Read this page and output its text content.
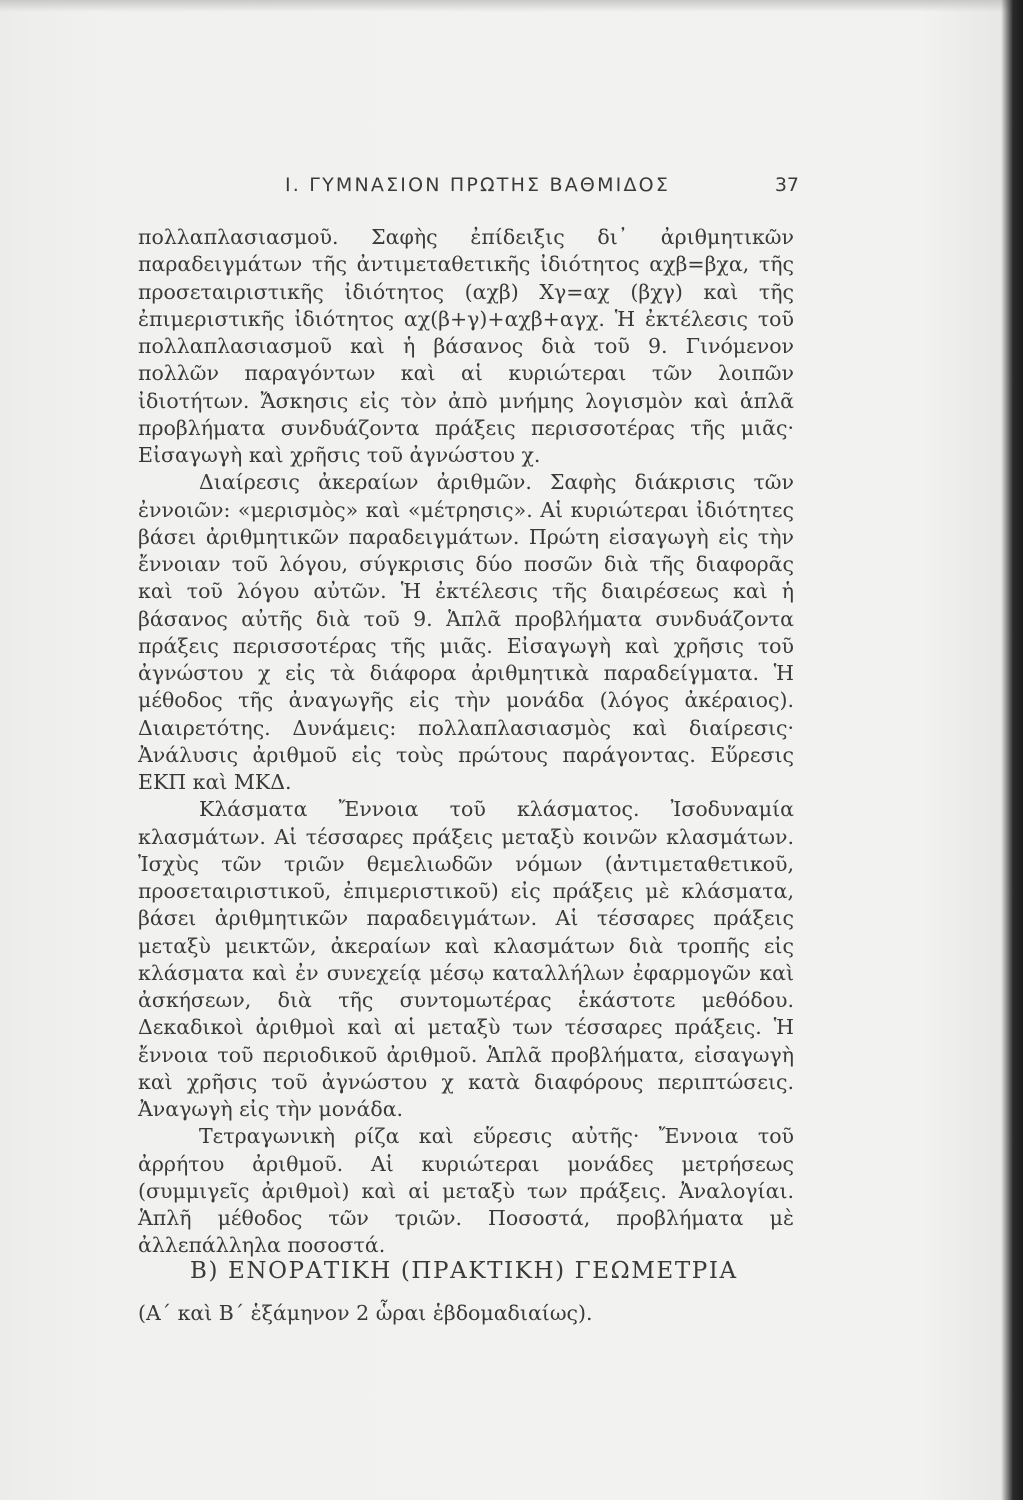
Ι. ΓΥΜΝΑΣΙΟΝ ΠΡΩΤΗΣ ΒΑΘΜΙΔΟΣ	37

πολλαπλασιασμοῦ. Σαφὴς ἐπίδειξις δι᾽ ἀριθμητικῶν παραδειγμάτων τῆς ἀντιμεταθετικῆς ἰδιότητος αχβ=βχα, τῆς προσεταιριστικῆς ἰδιότητος (αχβ) Χγ=αχ (βχγ) καὶ τῆς ἐπιμεριστικῆς ἰδιότητος αχ(β+γ)+αχβ+αγχ. Ἡ ἐκτέλεσις τοῦ πολλαπλασιασμοῦ καὶ ἡ βάσανος διὰ τοῦ 9. Γινόμενον πολλῶν παραγόντων καὶ αἱ κυριώτεραι τῶν λοιπῶν ἰδιοτήτων. Ἄσκησις εἰς τὸν ἀπὸ μνήμης λογισμὸν καὶ ἁπλᾶ προβλήματα συνδυάζοντα πράξεις περισσοτέρας τῆς μιᾶς· Εἰσαγωγὴ καὶ χρῆσις τοῦ ἀγνώστου χ.

Διαίρεσις ἀκεραίων ἀριθμῶν. Σαφὴς διάκρισις τῶν ἐννοιῶν: «μερισμὸς» καὶ «μέτρησις». Αἱ κυριώτεραι ἰδιότητες βάσει ἀριθμητικῶν παραδειγμάτων. Πρώτη εἰσαγωγὴ εἰς τὴν ἔννοιαν τοῦ λόγου, σύγκρισις δύο ποσῶν διὰ τῆς διαφορᾶς καὶ τοῦ λόγου αὐτῶν. Ἡ ἐκτέλεσις τῆς διαιρέσεως καὶ ἡ βάσανος αὐτῆς διὰ τοῦ 9. Ἁπλᾶ προβλήματα συνδυάζοντα πράξεις περισσοτέρας τῆς μιᾶς. Εἰσαγωγὴ καὶ χρῆσις τοῦ ἀγνώστου χ εἰς τὰ διάφορα ἀριθμητικὰ παραδείγματα. Ἡ μέθοδος τῆς ἀναγωγῆς εἰς τὴν μονάδα (λόγος ἀκέραιος). Διαιρετότης. Δυνάμεις: πολλαπλασιασμὸς καὶ διαίρεσις· Ἀνάλυσις ἀριθμοῦ εἰς τοὺς πρώτους παράγοντας. Εὕρεσις ΕΚΠ καὶ ΜΚΔ.

Κλάσματα Ἔννοια τοῦ κλάσματος. Ἰσοδυναμία κλασμάτων. Αἱ τέσσαρες πράξεις μεταξὺ κοινῶν κλασμάτων. Ἰσχὺς τῶν τριῶν θεμελιωδῶν νόμων (ἀντιμεταθετικοῦ, προσεταιριστικοῦ, ἐπιμεριστικοῦ) εἰς πράξεις μὲ κλάσματα, βάσει ἀριθμητικῶν παραδειγμάτων. Αἱ τέσσαρες πράξεις μεταξὺ μεικτῶν, ἀκεραίων καὶ κλασμάτων διὰ τροπῆς εἰς κλάσματα καὶ ἐν συνεχείᾳ μέσῳ καταλλήλων ἐφαρμογῶν καὶ ἀσκήσεων, διὰ τῆς συντομωτέρας ἑκάστοτε μεθόδου. Δεκαδικοὶ ἀριθμοὶ καὶ αἱ μεταξὺ των τέσσαρες πράξεις. Ἡ ἔννοια τοῦ περιοδικοῦ ἀριθμοῦ. Ἁπλᾶ προβλήματα, εἰσαγωγὴ καὶ χρῆσις τοῦ ἀγνώστου χ κατὰ διαφόρους περιπτώσεις. Ἀναγωγὴ εἰς τὴν μονάδα.

Τετραγωνικὴ ρίζα καὶ εὕρεσις αὐτῆς· Ἔννοια τοῦ ἀρρήτου ἀριθμοῦ. Αἱ κυριώτεραι μονάδες μετρήσεως (συμμιγεῖς ἀριθμοὶ) καὶ αἱ μεταξὺ των πράξεις. Ἀναλογίαι. Ἁπλῆ μέθοδος τῶν τριῶν. Ποσοστά, προβλήματα μὲ ἀλλεπάλληλα ποσοστά.

Β) ΕΝΟΡΑΤΙΚΗ (ΠΡΑΚΤΙΚΗ) ΓΕΩΜΕΤΡΙΑ
(Α΄ καὶ Β΄ ἑξάμηνον 2 ὧραι ἑβδομαδιαίως).
